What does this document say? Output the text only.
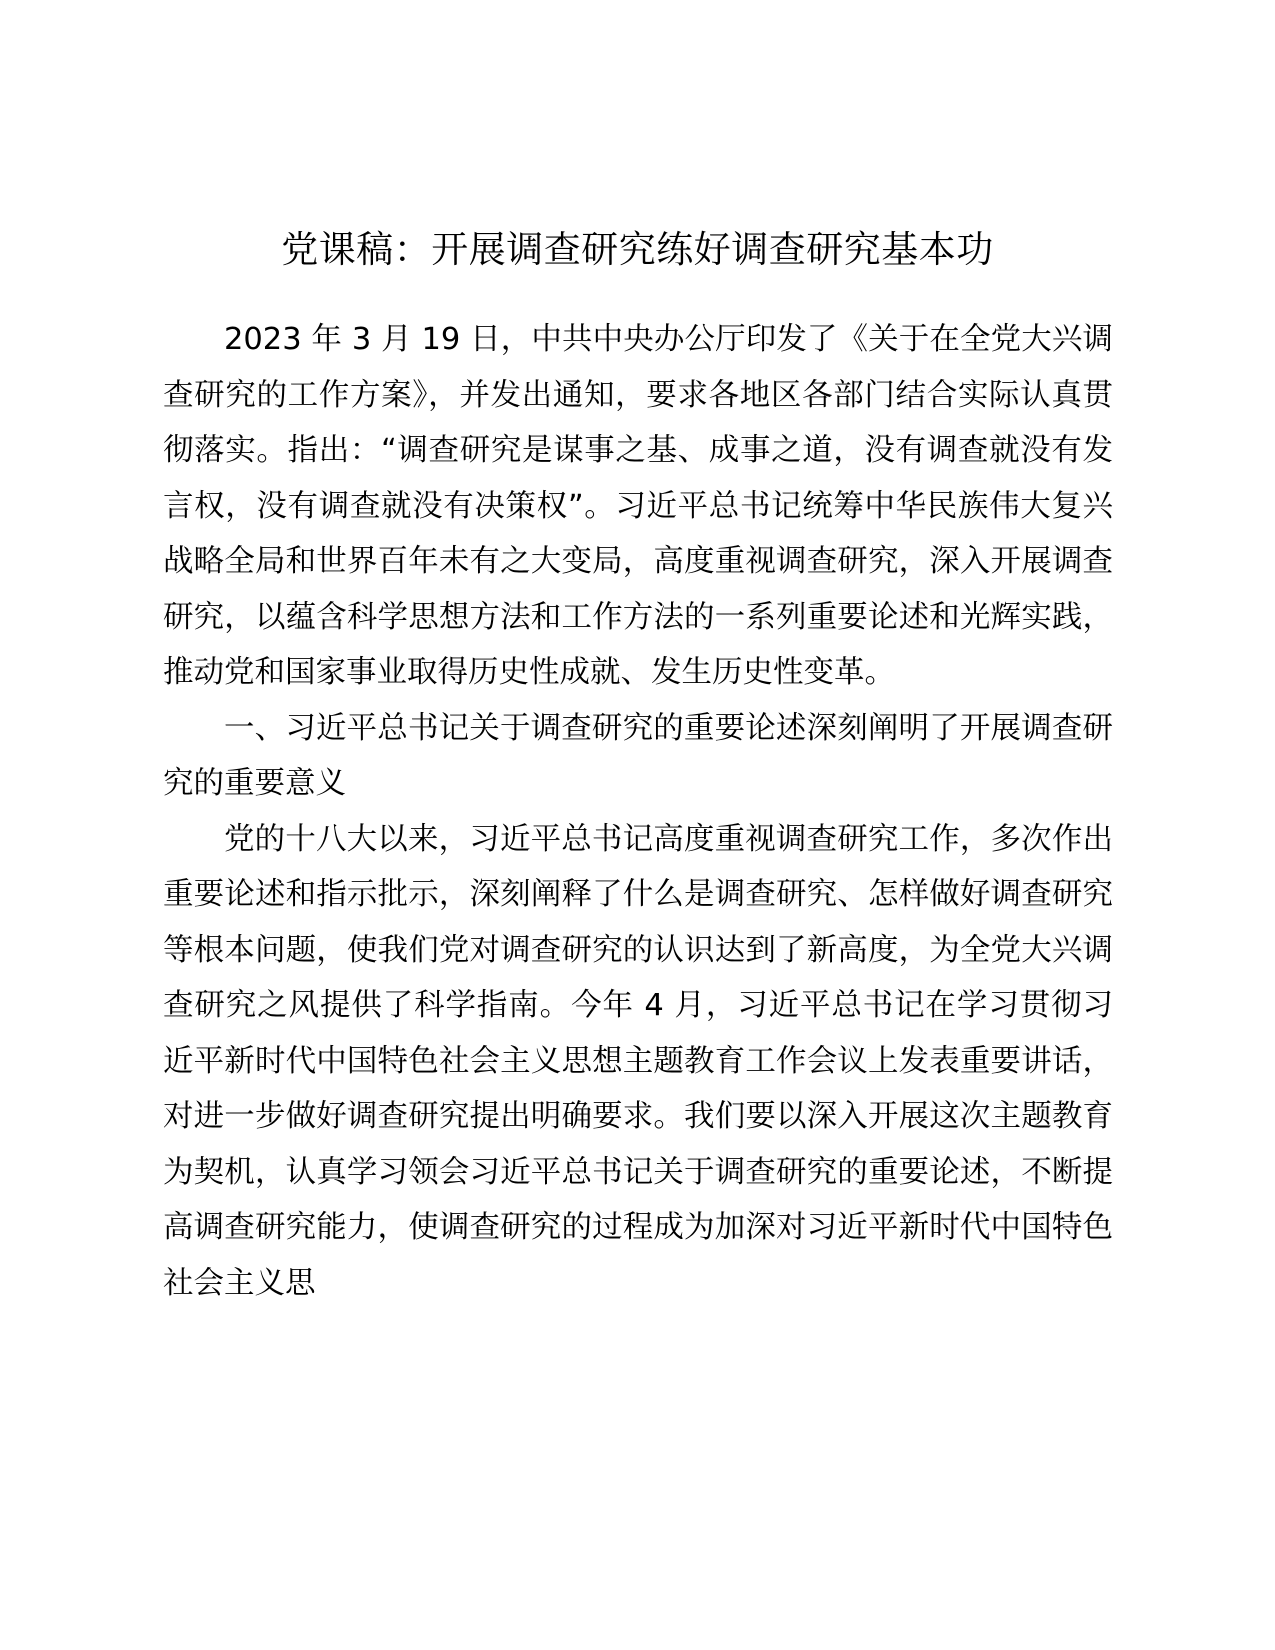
党课稿：开展调查研究练好调查研究基本功

2023 年 3 月 19 日，中共中央办公厅印发了《关于在全党大兴调查研究的工作方案》，并发出通知，要求各地区各部门结合实际认真贯彻落实。指出：“调查研究是谋事之基、成事之道，没有调查就没有发言权，没有调查就没有决策权”。习近平总书记统筹中华民族伟大复兴战略全局和世界百年未有之大变局，高度重视调查研究，深入开展调查研究，以蕴含科学思想方法和工作方法的一系列重要论述和光辉实践，推动党和国家事业取得历史性成就、发生历史性变革。

一、习近平总书记关于调查研究的重要论述深刻阐明了开展调查研究的重要意义

党的十八大以来，习近平总书记高度重视调查研究工作，多次作出重要论述和指示批示，深刻阐释了什么是调查研究、怎样做好调查研究等根本问题，使我们党对调查研究的认识达到了新高度，为全党大兴调查研究之风提供了科学指南。今年 4 月，习近平总书记在学习贯彻习近平新时代中国特色社会主义思想主题教育工作会议上发表重要讲话，对进一步做好调查研究提出明确要求。我们要以深入开展这次主题教育为契机，认真学习领会习近平总书记关于调查研究的重要论述，不断提高调查研究能力，使调查研究的过程成为加深对习近平新时代中国特色社会主义思
